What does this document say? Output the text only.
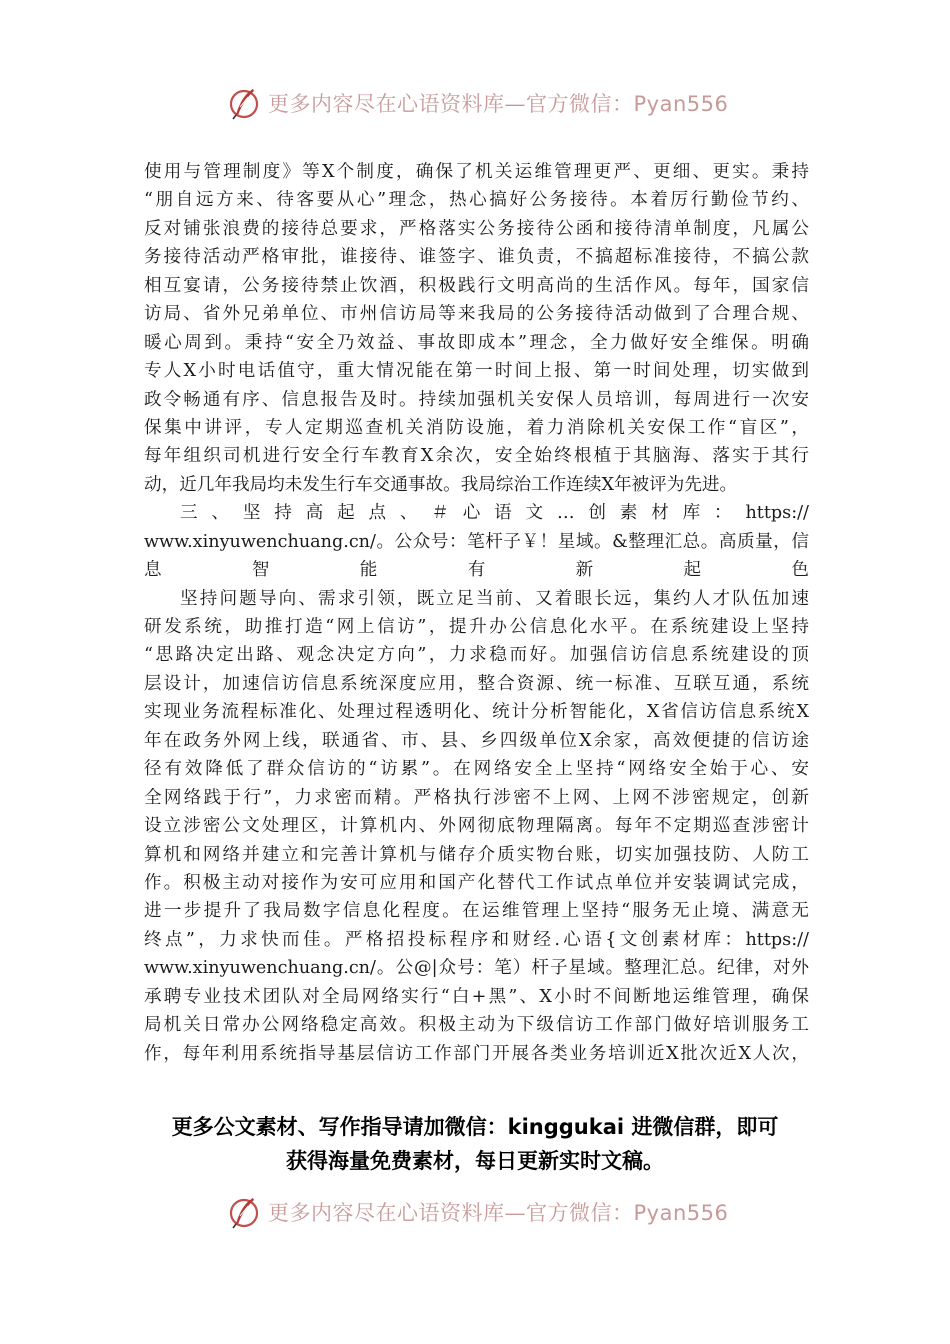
更多内容尽在心语资料库—官方微信：Pyan556
使用与管理制度》等X个制度，确保了机关运维管理更严、更细、更实。秉持
“朋自远方来、待客要从心”理念，热心搞好公务接待。本着厉行勤俭节约、
反对铺张浪费的接待总要求，严格落实公务接待公函和接待清单制度，凡属公
务接待活动严格审批，谁接待、谁签字、谁负责，不搞超标准接待，不搞公款
相互宴请，公务接待禁止饮酒，积极践行文明高尚的生活作风。每年，国家信
访局、省外兄弟单位、市州信访局等来我局的公务接待活动做到了合理合规、
暖心周到。秉持“安全乃效益、事故即成本”理念，全力做好安全维保。明确
专人X小时电话值守，重大情况能在第一时间上报、第一时间处理，切实做到
政令畅通有序、信息报告及时。持续加强机关安保人员培训，每周进行一次安
保集中讲评，专人定期巡查机关消防设施，着力消除机关安保工作“盲区”，
每年组织司机进行安全行车教育X余次，安全始终根植于其脑海、落实于其行
动，近几年我局均未发生行车交通事故。我局综治工作连续X年被评为先进。
三、坚持高起点、＃心语文…创素材库：https://
www.xinyuwenchuang.cn/。公众号：笔杆子￥！星域。&整理汇总。高质量，信
息智能有新起色
坚持问题导向、需求引领，既立足当前、又着眼长远，集约人才队伍加速
研发系统，助推打造“网上信访”，提升办公信息化水平。在系统建设上坚持
“思路决定出路、观念决定方向”，力求稳而好。加强信访信息系统建设的顶
层设计，加速信访信息系统深度应用，整合资源、统一标准、互联互通，系统
实现业务流程标准化、处理过程透明化、统计分析智能化，X省信访信息系统X
年在政务外网上线，联通省、市、县、乡四级单位X余家，高效便捷的信访途
径有效降低了群众信访的“访累”。在网络安全上坚持“网络安全始于心、安
全网络践于行”，力求密而精。严格执行涉密不上网、上网不涉密规定，创新
设立涉密公文处理区，计算机内、外网彻底物理隔离。每年不定期巡查涉密计
算机和网络并建立和完善计算机与储存介质实物台账，切实加强技防、人防工
作。积极主动对接作为安可应用和国产化替代工作试点单位并安装调试完成，
进一步提升了我局数字信息化程度。在运维管理上坚持“服务无止境、满意无
终点”，力求快而佳。严格招投标程序和财经.心语{文创素材库：https://
www.xinyuwenchuang.cn/。公@|众号：笔）杆子星域。整理汇总。纪律，对外
承聘专业技术团队对全局网络实行“白+黑”、X小时不间断地运维管理，确保
局机关日常办公网络稳定高效。积极主动为下级信访工作部门做好培训服务工
作，每年利用系统指导基层信访工作部门开展各类业务培训近X批次近X人次，
更多公文素材、写作指导请加微信：kinggukai 进微信群，即可
获得海量免费素材，每日更新实时文稿。
更多内容尽在心语资料库—官方微信：Pyan556
